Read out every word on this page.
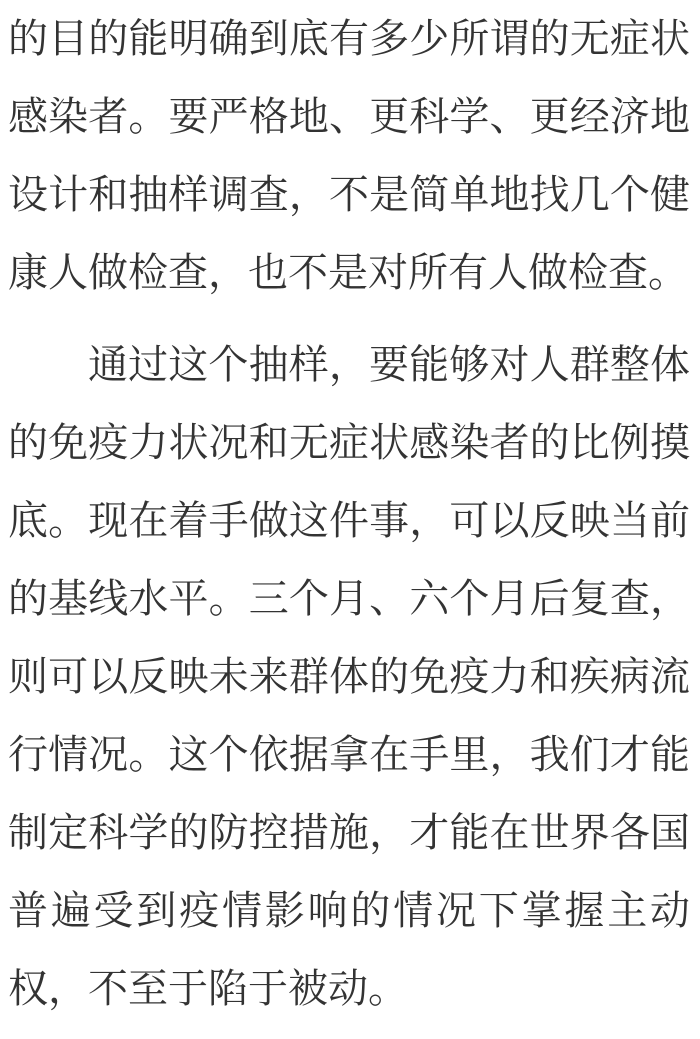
的目的能明确到底有多少所谓的无症状
感染者。要严格地、更科学、更经济地
设计和抽样调查，不是简单地找几个健
康人做检查，也不是对所有人做检查。
通过这个抽样，要能够对人群整体
的免疫力状况和无症状感染者的比例摸
底。现在着手做这件事，可以反映当前
的基线水平。三个月、六个月后复查，
则可以反映未来群体的免疫力和疾病流
行情况。这个依据拿在手里，我们才能
制定科学的防控措施，才能在世界各国
普遍受到疫情影响的情况下掌握主动
权，不至于陷于被动。
